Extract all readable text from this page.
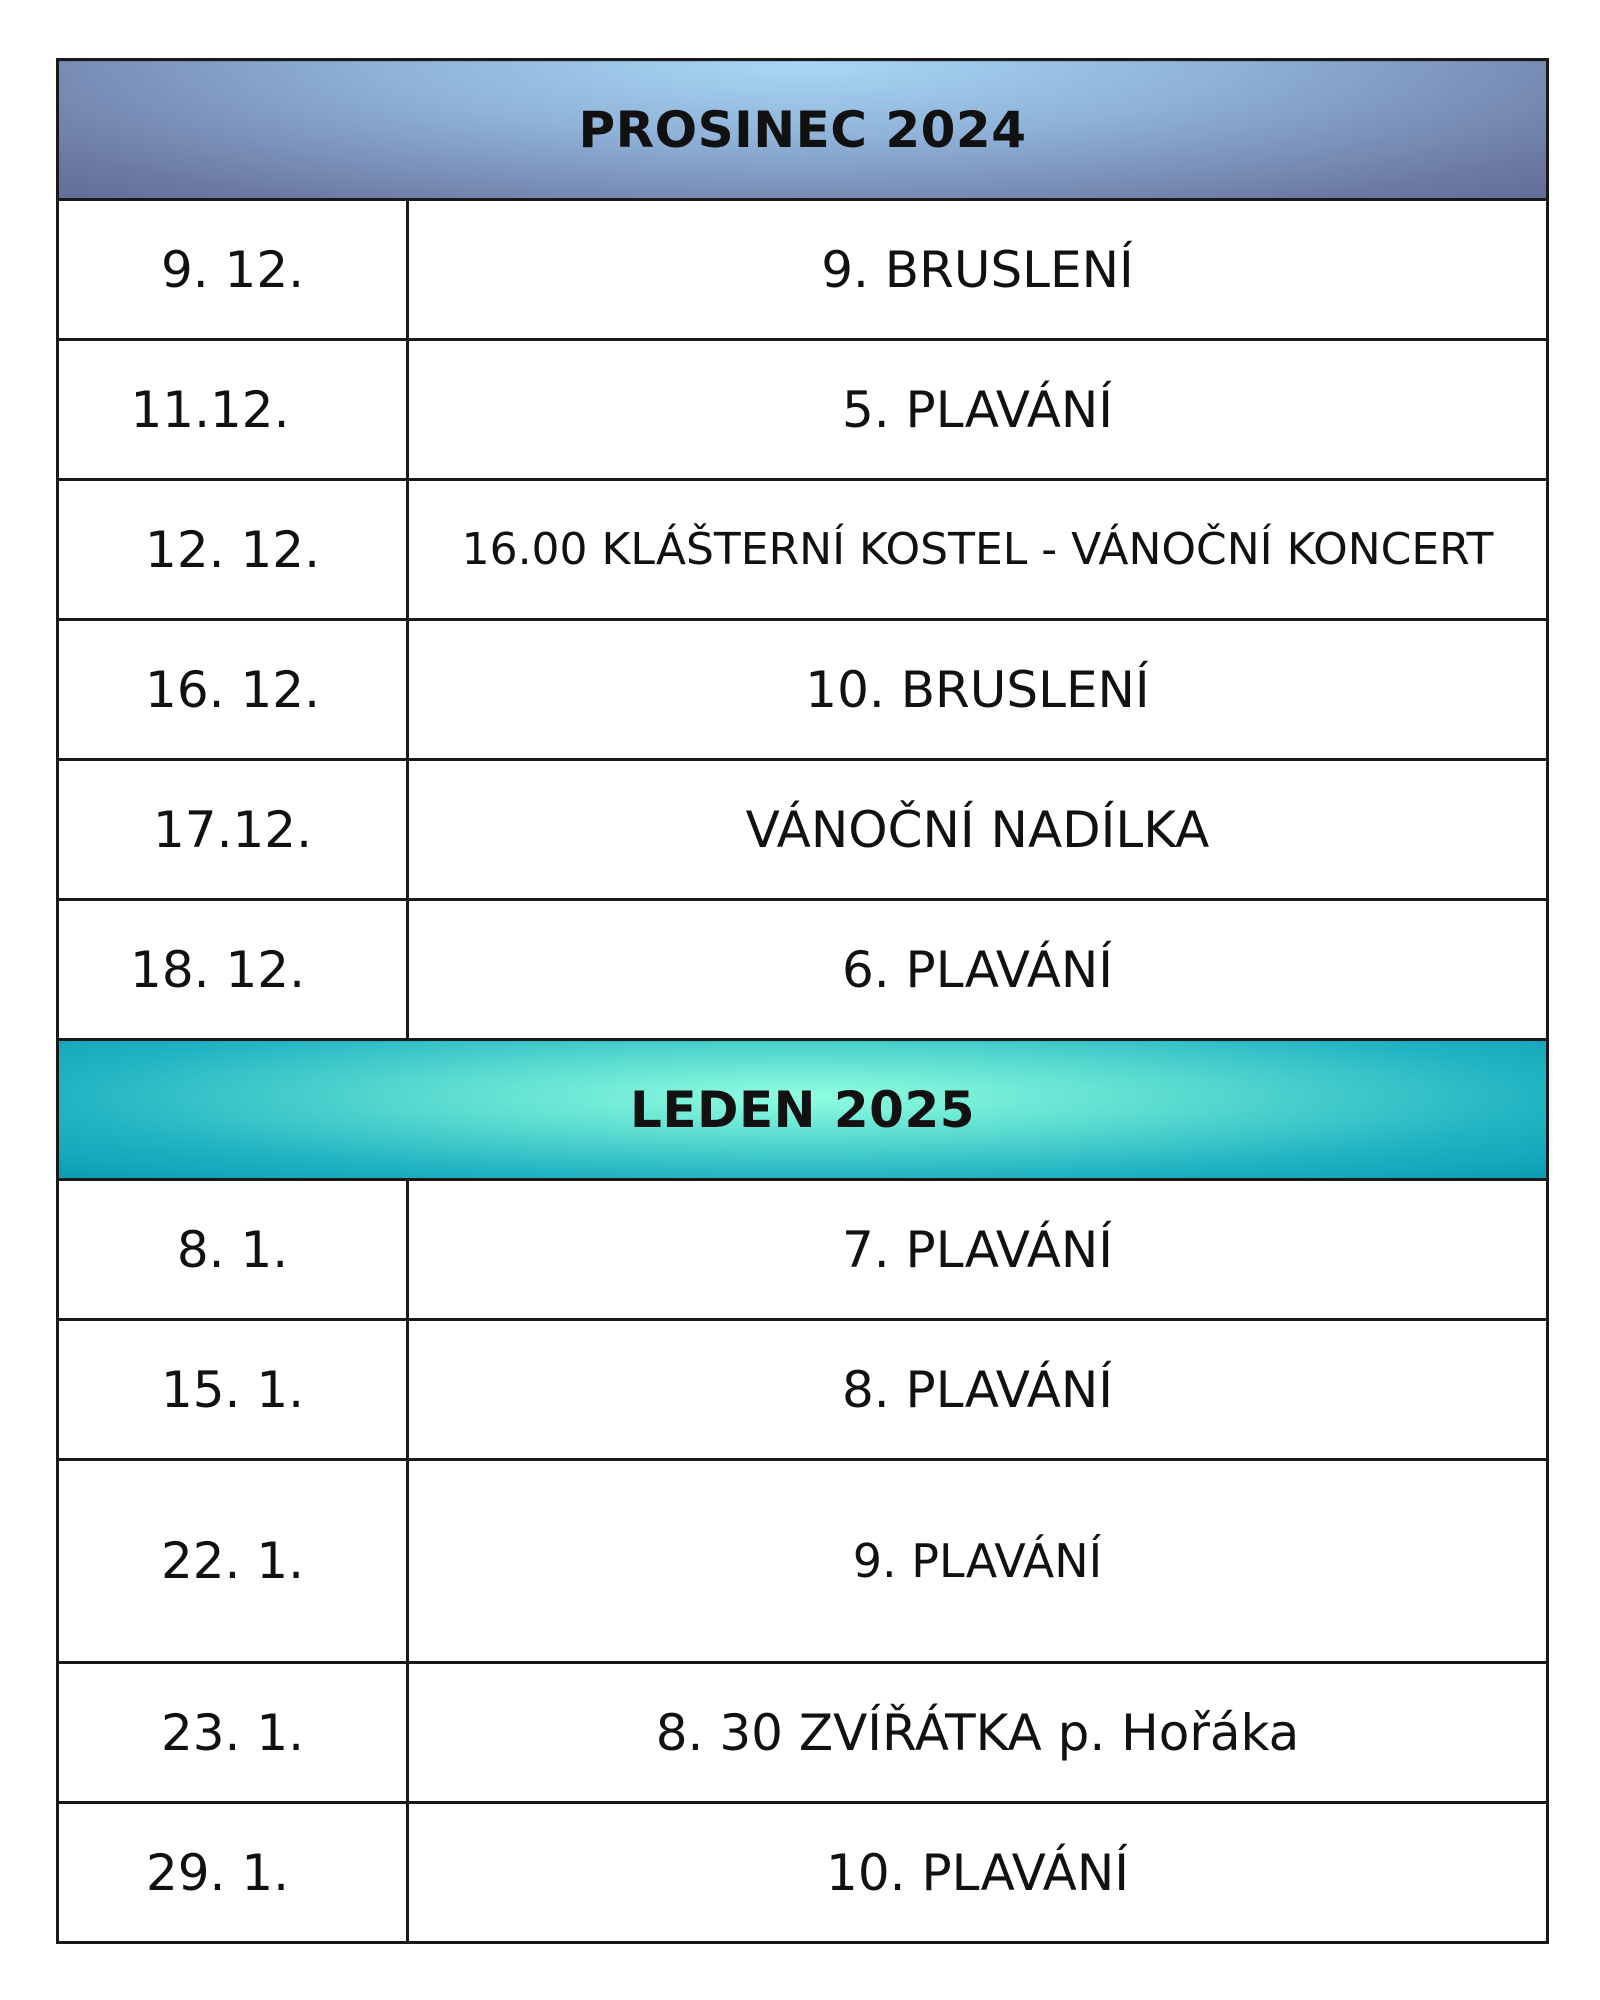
PROSINEC 2024	
9. 12.	9. BRUSLENÍ
11.12.	5. PLAVÁNÍ
12. 12.	16.00 KLÁŠTERNÍ KOSTEL - VÁNOČNÍ KONCERT
16. 12.	10. BRUSLENÍ
17.12.	VÁNOČNÍ NADÍLKA
18. 12.	6. PLAVÁNÍ
LEDEN 2025	
8. 1.	7. PLAVÁNÍ
15. 1.	8. PLAVÁNÍ
22. 1.	9. PLAVÁNÍ
23. 1.	8. 30 ZVÍŘÁTKA p. Hořáka
29. 1.	10. PLAVÁNÍ
